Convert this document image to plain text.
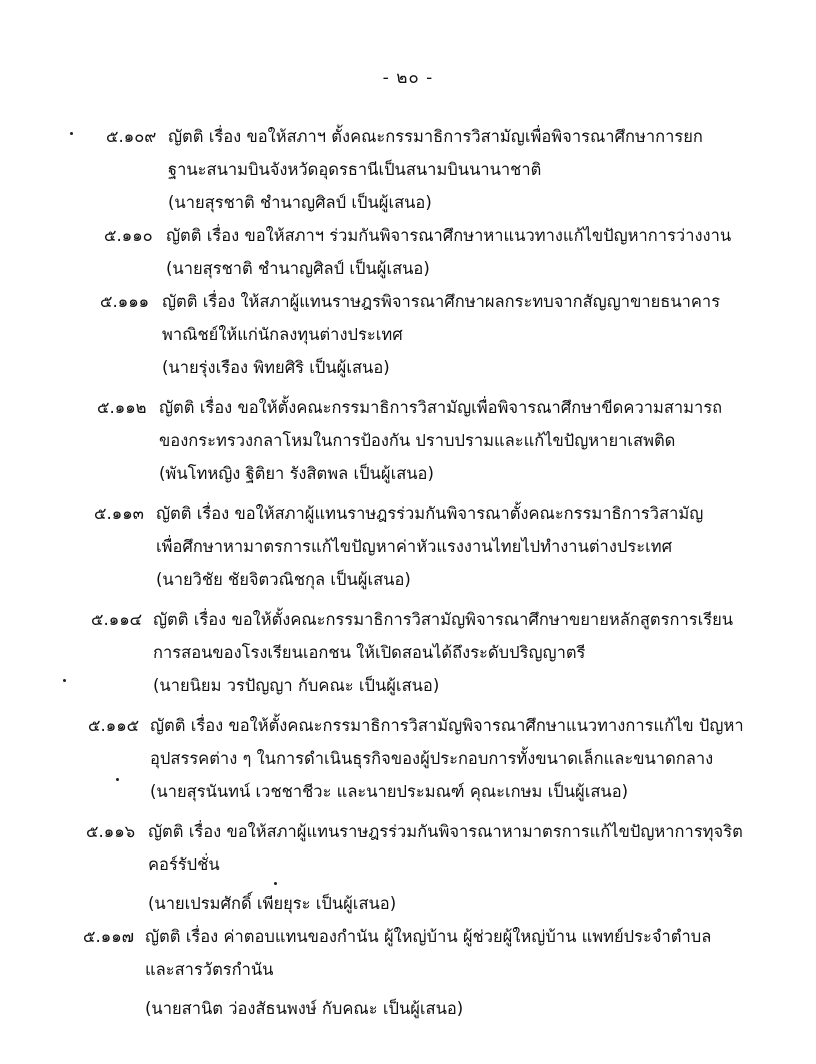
- ๒๐ -
๕.๑๐๙ ญัตติ เรื่อง ขอให้สภาฯ ตั้งคณะกรรมาธิการวิสามัญเพื่อพิจารณาศึกษาการยก
ฐานะสนามบินจังหวัดอุดรธานีเป็นสนามบินนานาชาติ
(นายสุรชาติ ชำนาญศิลป์ เป็นผู้เสนอ)
๕.๑๑๐ ญัตติ เรื่อง ขอให้สภาฯ ร่วมกันพิจารณาศึกษาหาแนวทางแก้ไขปัญหาการว่างงาน
(นายสุรชาติ ชำนาญศิลป์ เป็นผู้เสนอ)
๕.๑๑๑ ญัตติ เรื่อง ให้สภาผู้แทนราษฎรพิจารณาศึกษาผลกระทบจากสัญญาขายธนาคาร
พาณิชย์ให้แก่นักลงทุนต่างประเทศ
(นายรุ่งเรือง พิทยศิริ เป็นผู้เสนอ)
๕.๑๑๒ ญัตติ เรื่อง ขอให้ตั้งคณะกรรมาธิการวิสามัญเพื่อพิจารณาศึกษาขีดความสามารถ
ของกระทรวงกลาโหมในการป้องกัน ปราบปรามและแก้ไขปัญหายาเสพติด
(พันโทหญิง ฐิติยา รังสิตพล เป็นผู้เสนอ)
๕.๑๑๓ ญัตติ เรื่อง ขอให้สภาผู้แทนราษฎรร่วมกันพิจารณาตั้งคณะกรรมาธิการวิสามัญ
เพื่อศึกษาหามาตรการแก้ไขปัญหาค่าหัวแรงงานไทยไปทำงานต่างประเทศ
(นายวิชัย ชัยจิตวณิชกุล เป็นผู้เสนอ)
๕.๑๑๔ ญัตติ เรื่อง ขอให้ตั้งคณะกรรมาธิการวิสามัญพิจารณาศึกษาขยายหลักสูตรการเรียน
การสอนของโรงเรียนเอกชน ให้เปิดสอนได้ถึงระดับปริญญาตรี
(นายนิยม วรปัญญา กับคณะ เป็นผู้เสนอ)
๕.๑๑๕ ญัตติ เรื่อง ขอให้ตั้งคณะกรรมาธิการวิสามัญพิจารณาศึกษาแนวทางการแก้ไข ปัญหา
อุปสรรคต่าง ๆ ในการดำเนินธุรกิจของผู้ประกอบการทั้งขนาดเล็กและขนาดกลาง
(นายสุรนันทน์ เวชชาชีวะ และนายประมณฑ์ คุณะเกษม เป็นผู้เสนอ)
๕.๑๑๖ ญัตติ เรื่อง ขอให้สภาผู้แทนราษฎรร่วมกันพิจารณาหามาตรการแก้ไขปัญหาการทุจริต
คอร์รัปชั่น
(นายเปรมศักดิ์ เพียยุระ เป็นผู้เสนอ)
๕.๑๑๗ ญัตติ เรื่อง ค่าตอบแทนของกำนัน ผู้ใหญ่บ้าน ผู้ช่วยผู้ใหญ่บ้าน แพทย์ประจำตำบล
และสารวัตรกำนัน
(นายสานิต ว่องสัธนพงษ์ กับคณะ เป็นผู้เสนอ)
